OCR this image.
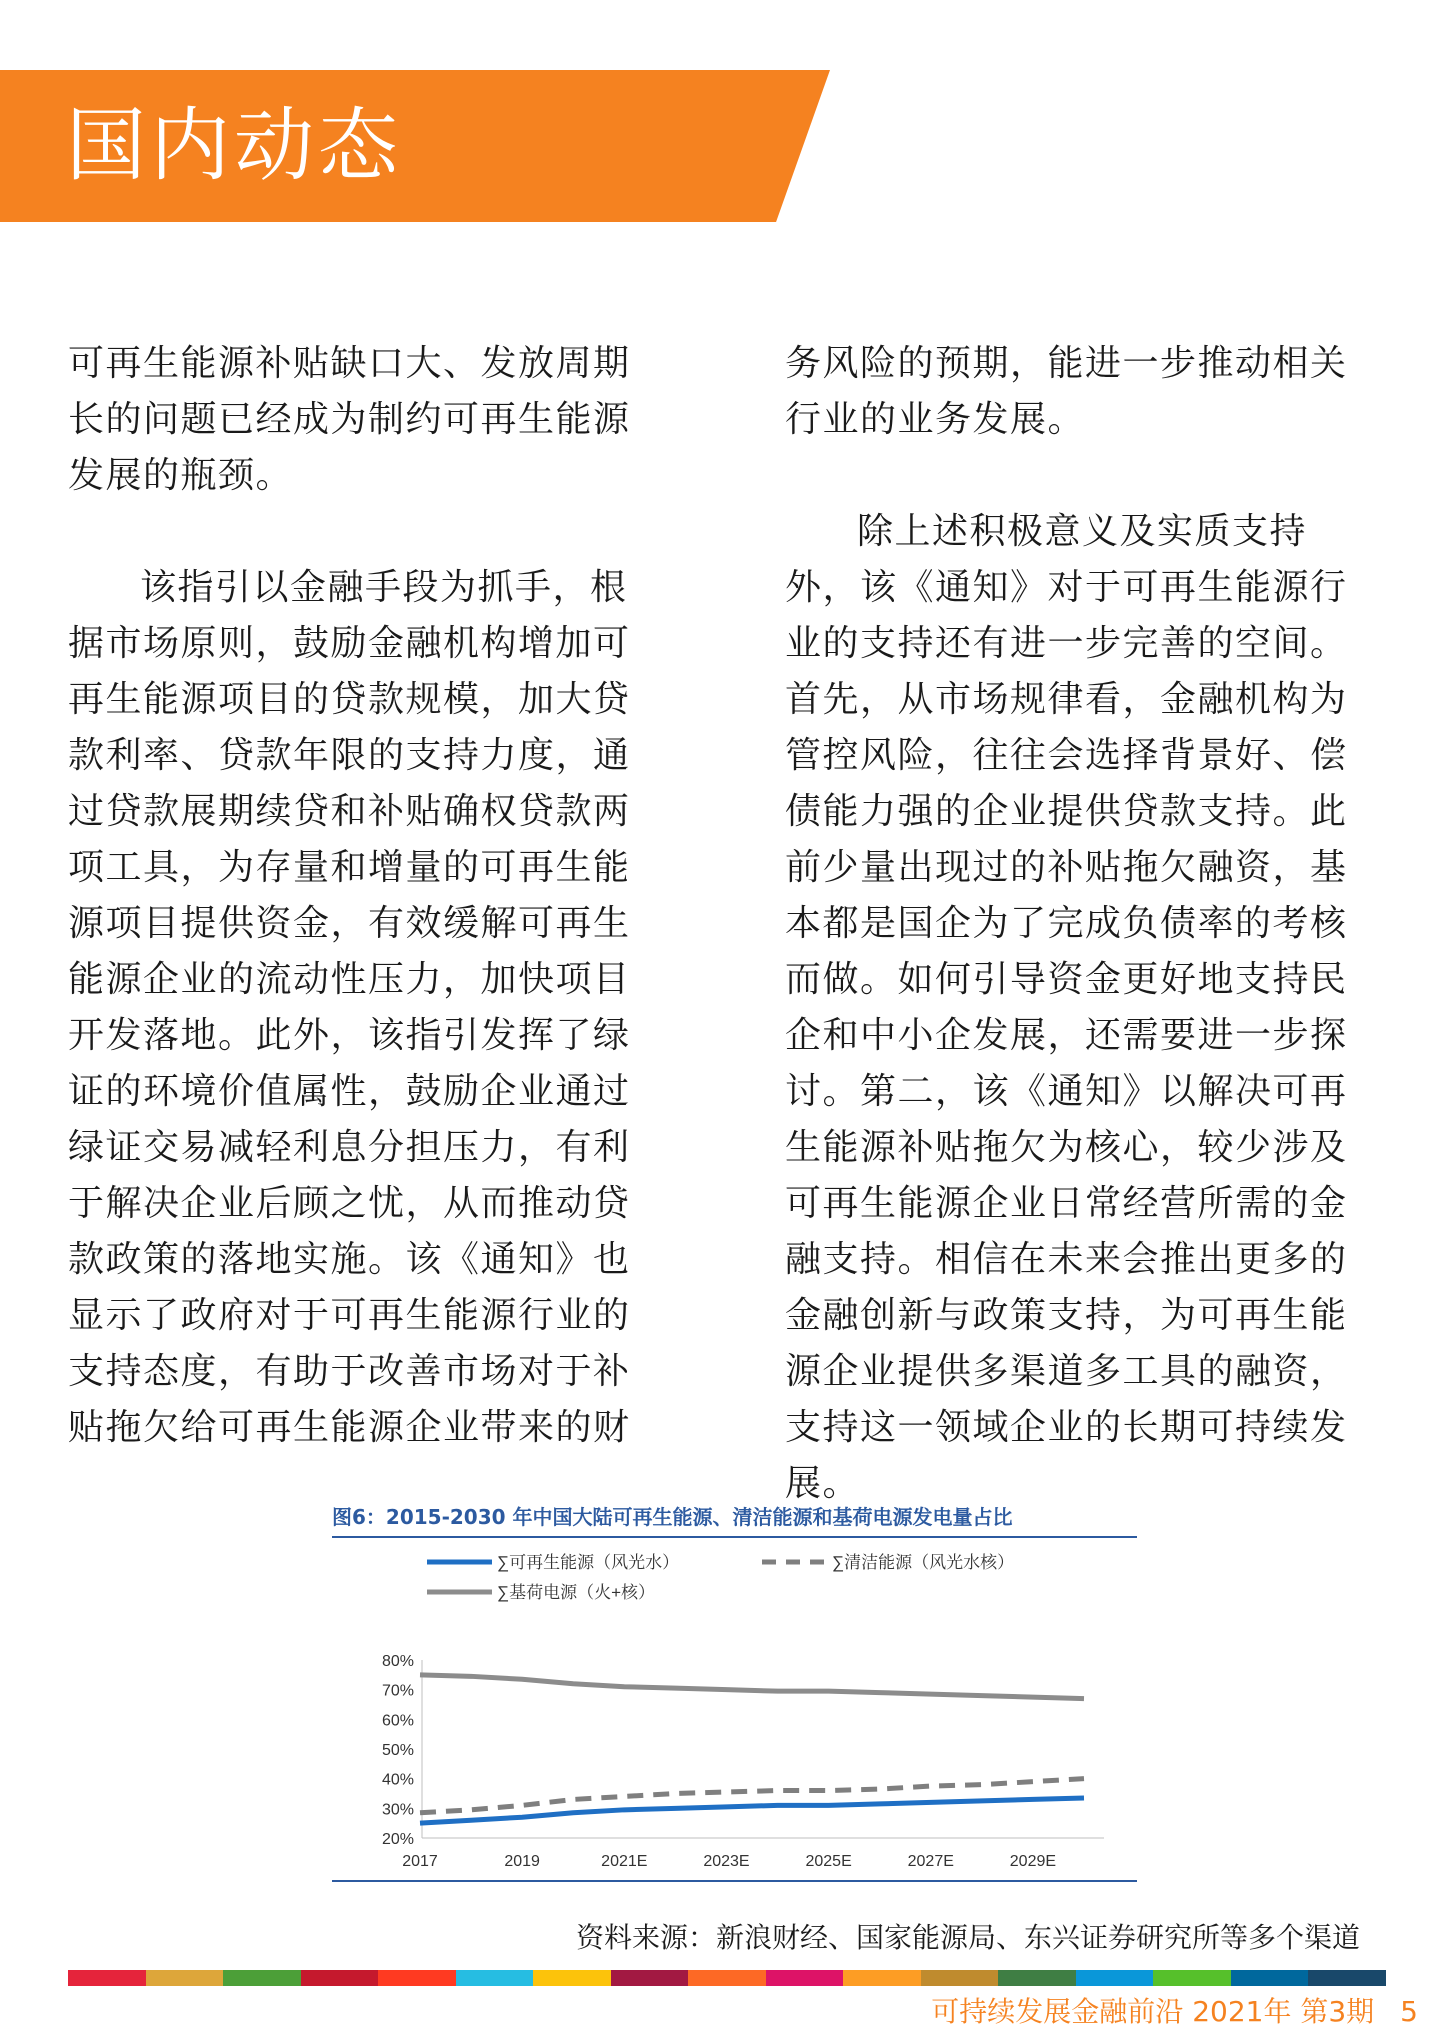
国内动态

可再生能源补贴缺口大、发放周期长的问题已经成为制约可再生能源发展的瓶颈。

该指引以金融手段为抓手，根据市场原则，鼓励金融机构增加可再生能源项目的贷款规模，加大贷款利率、贷款年限的支持力度，通过贷款展期续贷和补贴确权贷款两项工具，为存量和增量的可再生能源项目提供资金，有效缓解可再生能源企业的流动性压力，加快项目开发落地。此外，该指引发挥了绿证的环境价值属性，鼓励企业通过绿证交易减轻利息分担压力，有利于解决企业后顾之忧，从而推动贷款政策的落地实施。该《通知》也显示了政府对于可再生能源行业的支持态度，有助于改善市场对于补贴拖欠给可再生能源企业带来的财

务风险的预期，能进一步推动相关行业的业务发展。

除上述积极意义及实质支持外，该《通知》对于可再生能源行业的支持还有进一步完善的空间。首先，从市场规律看，金融机构为管控风险，往往会选择背景好、偿债能力强的企业提供贷款支持。此前少量出现过的补贴拖欠融资，基本都是国企为了完成负债率的考核而做。如何引导资金更好地支持民企和中小企发展，还需要进一步探讨。第二，该《通知》以解决可再生能源补贴拖欠为核心，较少涉及可再生能源企业日常经营所需的金融支持。相信在未来会推出更多的金融创新与政策支持，为可再生能源企业提供多渠道多工具的融资，支持这一领域企业的长期可持续发展。

图6：2015-2030 年中国大陆可再生能源、清洁能源和基荷电源发电量占比
∑可再生能源（风光水）	∑清洁能源（风光水核）
∑基荷电源（火+核）
80%
70%
60%
50%
40%
30%
20%
2017	2019	2021E	2023E	2025E	2027E	2029E
资料来源：新浪财经、国家能源局、东兴证券研究所等多个渠道
可持续发展金融前沿 2021年 第3期 5
